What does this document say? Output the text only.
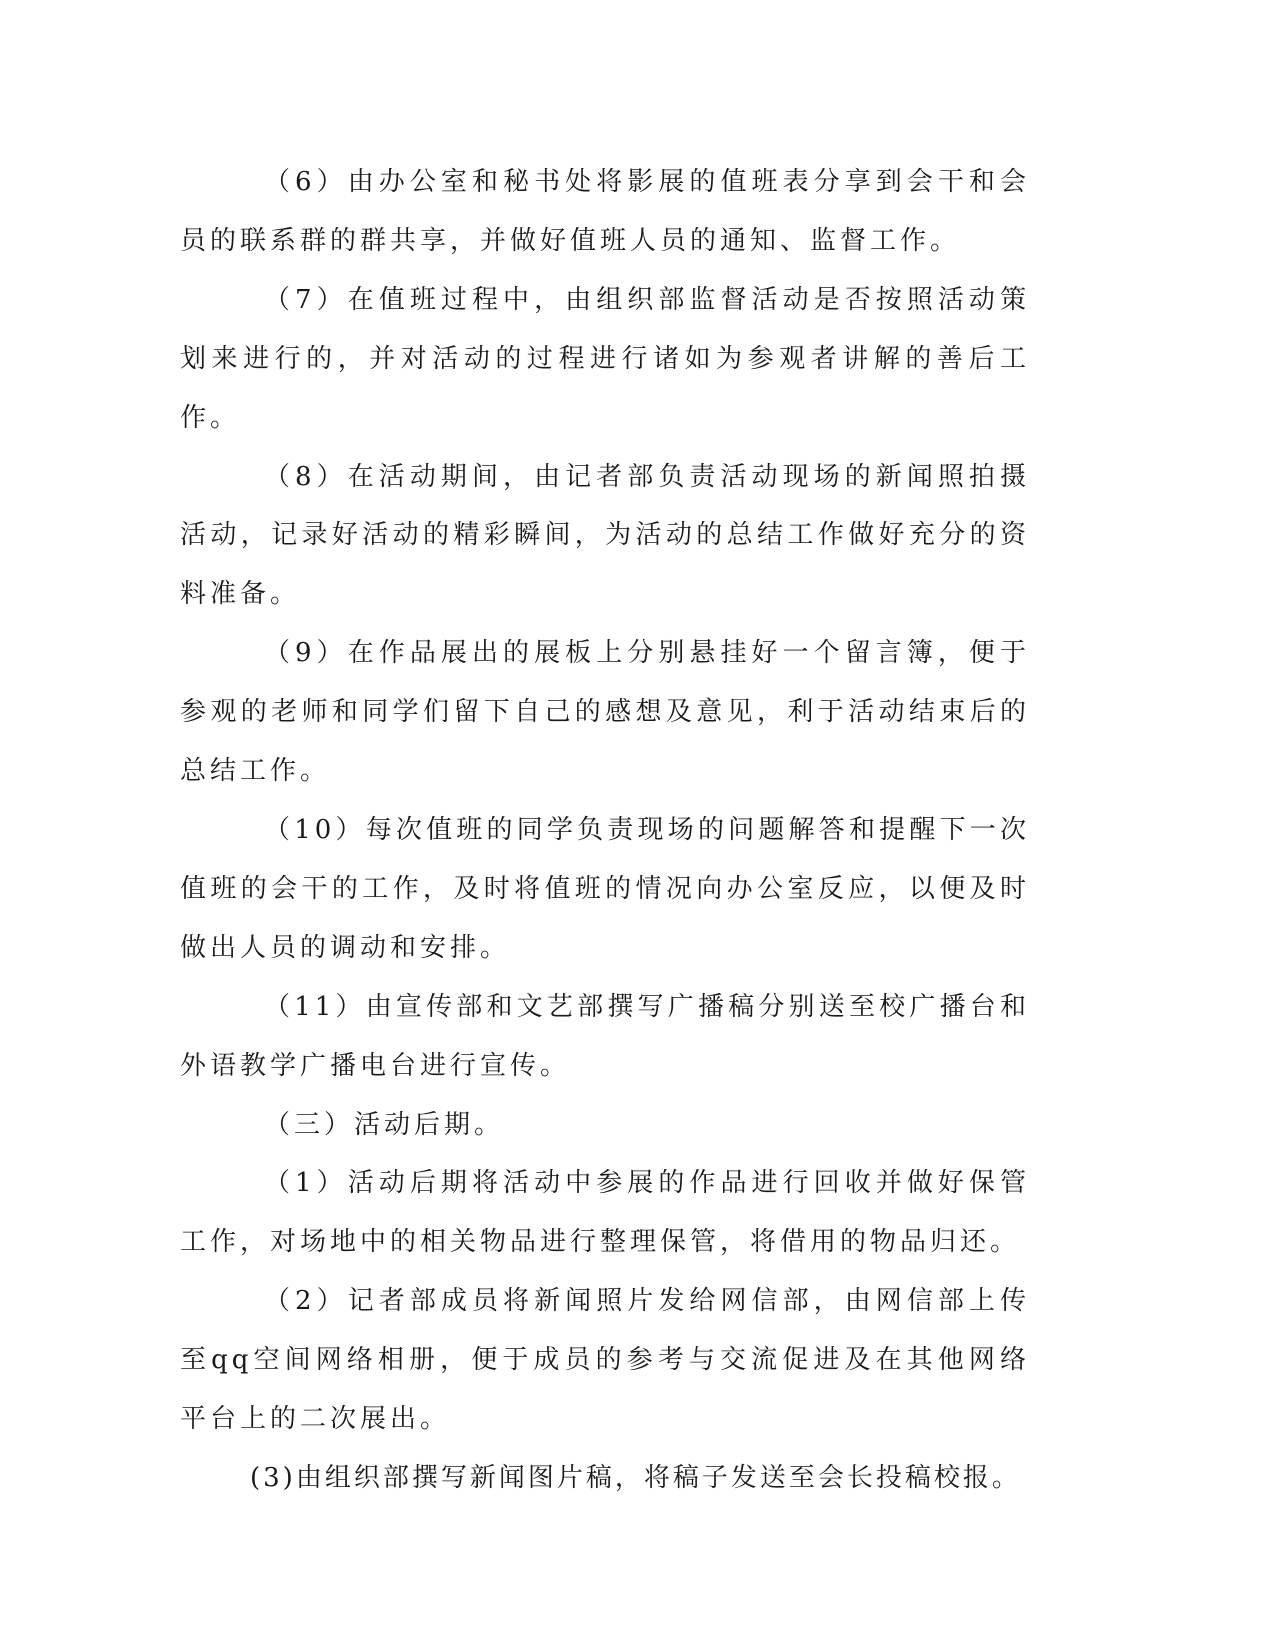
（6）由办公室和秘书处将影展的值班表分享到会干和会员的联系群的群共享，并做好值班人员的通知、监督工作。

（7）在值班过程中，由组织部监督活动是否按照活动策划来进行的，并对活动的过程进行诸如为参观者讲解的善后工作。

（8）在活动期间，由记者部负责活动现场的新闻照拍摄活动，记录好活动的精彩瞬间，为活动的总结工作做好充分的资料准备。

（9）在作品展出的展板上分别悬挂好一个留言簿，便于参观的老师和同学们留下自己的感想及意见，利于活动结束后的总结工作。

（10）每次值班的同学负责现场的问题解答和提醒下一次值班的会干的工作，及时将值班的情况向办公室反应，以便及时做出人员的调动和安排。

（11）由宣传部和文艺部撰写广播稿分别送至校广播台和外语教学广播电台进行宣传。

（三）活动后期。

（1）活动后期将活动中参展的作品进行回收并做好保管工作，对场地中的相关物品进行整理保管，将借用的物品归还。

（2）记者部成员将新闻照片发给网信部，由网信部上传至qq空间网络相册，便于成员的参考与交流促进及在其他网络平台上的二次展出。

(3)由组织部撰写新闻图片稿，将稿子发送至会长投稿校报。
